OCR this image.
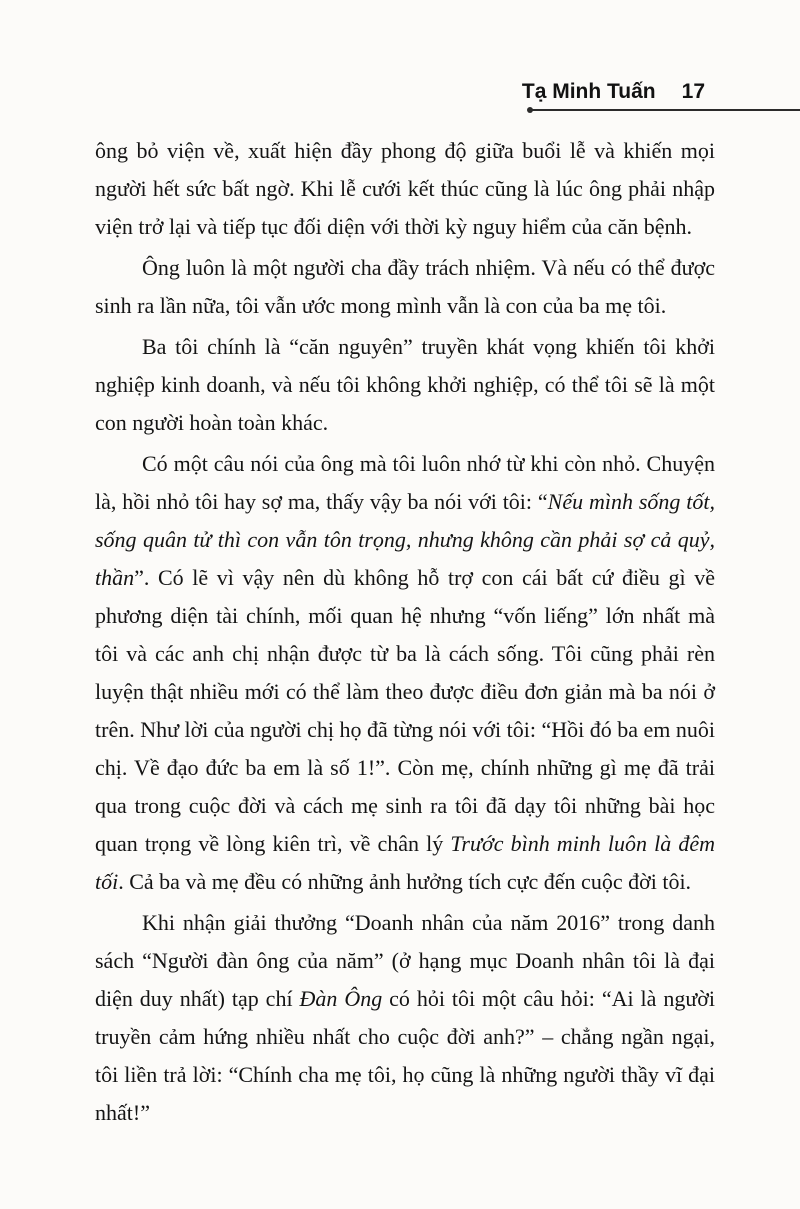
Tạ Minh Tuấn 17

ông bỏ viện về, xuất hiện đầy phong độ giữa buổi lễ và khiến mọi người hết sức bất ngờ. Khi lễ cưới kết thúc cũng là lúc ông phải nhập viện trở lại và tiếp tục đối diện với thời kỳ nguy hiểm của căn bệnh.

Ông luôn là một người cha đầy trách nhiệm. Và nếu có thể được sinh ra lần nữa, tôi vẫn ước mong mình vẫn là con của ba mẹ tôi.

Ba tôi chính là “căn nguyên” truyền khát vọng khiến tôi khởi nghiệp kinh doanh, và nếu tôi không khởi nghiệp, có thể tôi sẽ là một con người hoàn toàn khác.

Có một câu nói của ông mà tôi luôn nhớ từ khi còn nhỏ. Chuyện là, hồi nhỏ tôi hay sợ ma, thấy vậy ba nói với tôi: “Nếu mình sống tốt, sống quân tử thì con vẫn tôn trọng, nhưng không cần phải sợ cả quỷ, thần”. Có lẽ vì vậy nên dù không hỗ trợ con cái bất cứ điều gì về phương diện tài chính, mối quan hệ nhưng “vốn liếng” lớn nhất mà tôi và các anh chị nhận được từ ba là cách sống. Tôi cũng phải rèn luyện thật nhiều mới có thể làm theo được điều đơn giản mà ba nói ở trên. Như lời của người chị họ đã từng nói với tôi: “Hồi đó ba em nuôi chị. Về đạo đức ba em là số 1!”. Còn mẹ, chính những gì mẹ đã trải qua trong cuộc đời và cách mẹ sinh ra tôi đã dạy tôi những bài học quan trọng về lòng kiên trì, về chân lý Trước bình minh luôn là đêm tối. Cả ba và mẹ đều có những ảnh hưởng tích cực đến cuộc đời tôi.

Khi nhận giải thưởng “Doanh nhân của năm 2016” trong danh sách “Người đàn ông của năm” (ở hạng mục Doanh nhân tôi là đại diện duy nhất) tạp chí Đàn Ông có hỏi tôi một câu hỏi: “Ai là người truyền cảm hứng nhiều nhất cho cuộc đời anh?” – chẳng ngần ngại, tôi liền trả lời: “Chính cha mẹ tôi, họ cũng là những người thầy vĩ đại nhất!”
